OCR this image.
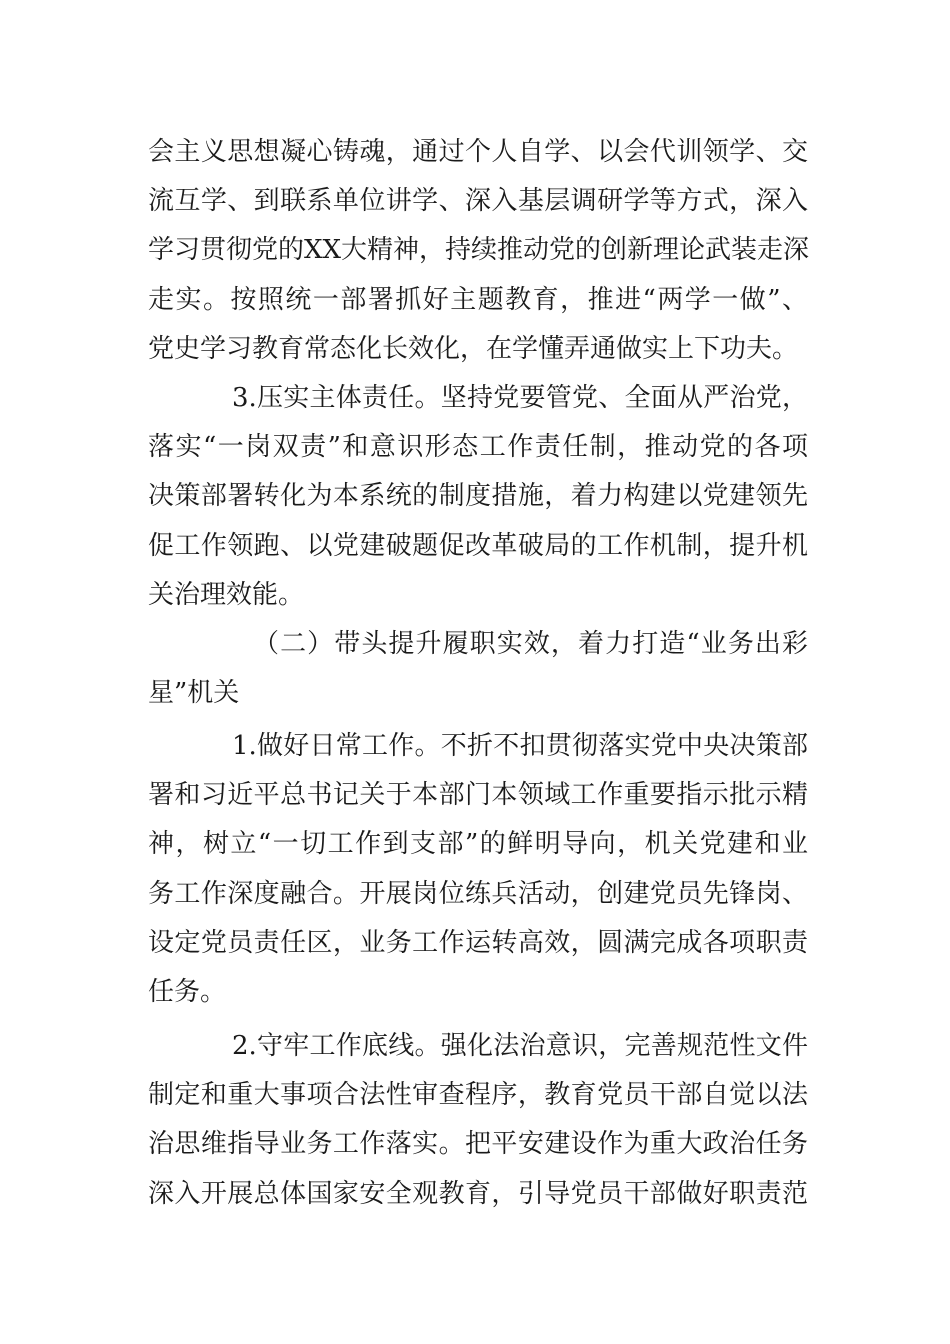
会主义思想凝心铸魂，通过个人自学、以会代训领学、交
流互学、到联系单位讲学、深入基层调研学等方式，深入
学习贯彻党的XX大精神，持续推动党的创新理论武装走深
走实。按照统一部署抓好主题教育，推进“两学一做”、
党史学习教育常态化长效化，在学懂弄通做实上下功夫。
3.压实主体责任。坚持党要管党、全面从严治党，
落实“一岗双责”和意识形态工作责任制，推动党的各项
决策部署转化为本系统的制度措施，着力构建以党建领先
促工作领跑、以党建破题促改革破局的工作机制，提升机
关治理效能。
（二）带头提升履职实效，着力打造“业务出彩
星”机关
1.做好日常工作。不折不扣贯彻落实党中央决策部
署和习近平总书记关于本部门本领域工作重要指示批示精
神，树立“一切工作到支部”的鲜明导向，机关党建和业
务工作深度融合。开展岗位练兵活动，创建党员先锋岗、
设定党员责任区，业务工作运转高效，圆满完成各项职责
任务。
2.守牢工作底线。强化法治意识，完善规范性文件
制定和重大事项合法性审查程序，教育党员干部自觉以法
治思维指导业务工作落实。把平安建设作为重大政治任务
深入开展总体国家安全观教育，引导党员干部做好职责范
